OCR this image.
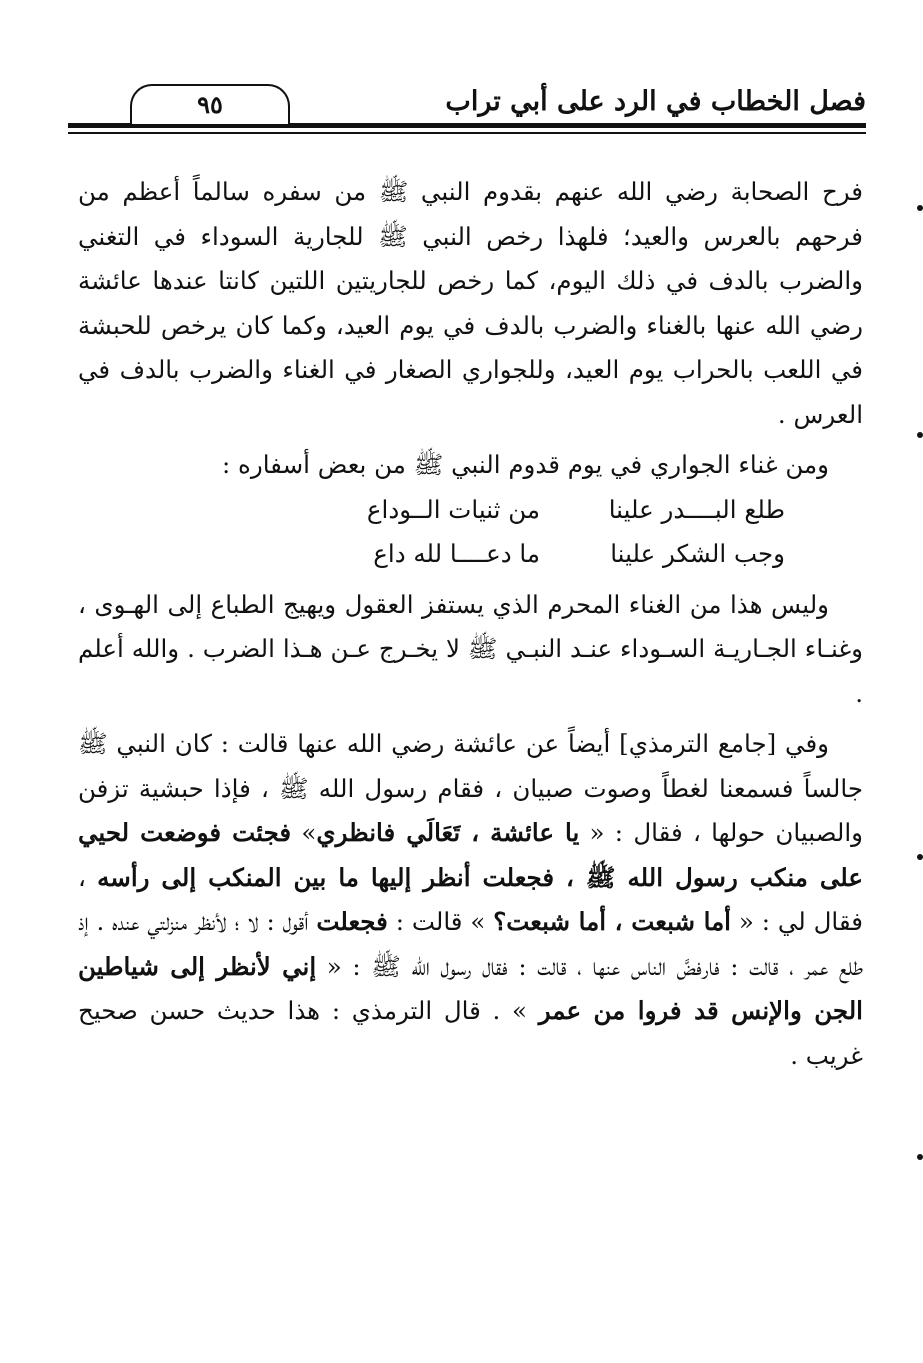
فصل الخطاب في الرد على أبي تراب
٩٥

فرح الصحابة رضي الله عنهم بقدوم النبي ﷺ من سفره سالماً أعظم من فرحهم بالعرس والعيد؛ فلهذا رخص النبي ﷺ للجارية السوداء في التغني والضرب بالدف في ذلك اليوم، كما رخص للجاريتين اللتين كانتا عندها عائشة رضي الله عنها بالغناء والضرب بالدف في يوم العيد، وكما كان يرخص للحبشة في اللعب بالحراب يوم العيد، وللجواري الصغار في الغناء والضرب بالدف في العرس .

ومن غناء الجواري في يوم قدوم النبي ﷺ من بعض أسفاره :

طلع البــــدر علينا
من ثنيات الــوداع
وجب الشكر علينا
ما دعــــا لله داع

وليس هذا من الغناء المحرم الذي يستفز العقول ويهيج الطباع إلى الهـوى ، وغنـاء الجـاريـة السـوداء عنـد النبـي ﷺ لا يخـرج عـن هـذا الضرب . والله أعلم .

وفي [جامع الترمذي] أيضاً عن عائشة رضي الله عنها قالت : كان النبي ﷺ جالساً فسمعنا لغطاً وصوت صبيان ، فقام رسول الله ﷺ ، فإذا حبشية تزفن والصبيان حولها ، فقال : « يا عائشة ، تَعَالَي فانظري» فجئت فوضعت لحيي على منكب رسول الله ﷺ ، فجعلت أنظر إليها ما بين المنكب إلى رأسه ، فقال لي : « أما شبعت ، أما شبعت؟ » قالت : فجعلت أقول : لا ؛ لأنظر منزلتي عنده . إذ طلع عمر ، قالت : فارفضَّ الناس عنها ، قالت : فقال رسول الله ﷺ : « إني لأنظر إلى شياطين الجن والإنس قد فروا من عمر » . قال الترمذي : هذا حديث حسن صحيح غريب .
